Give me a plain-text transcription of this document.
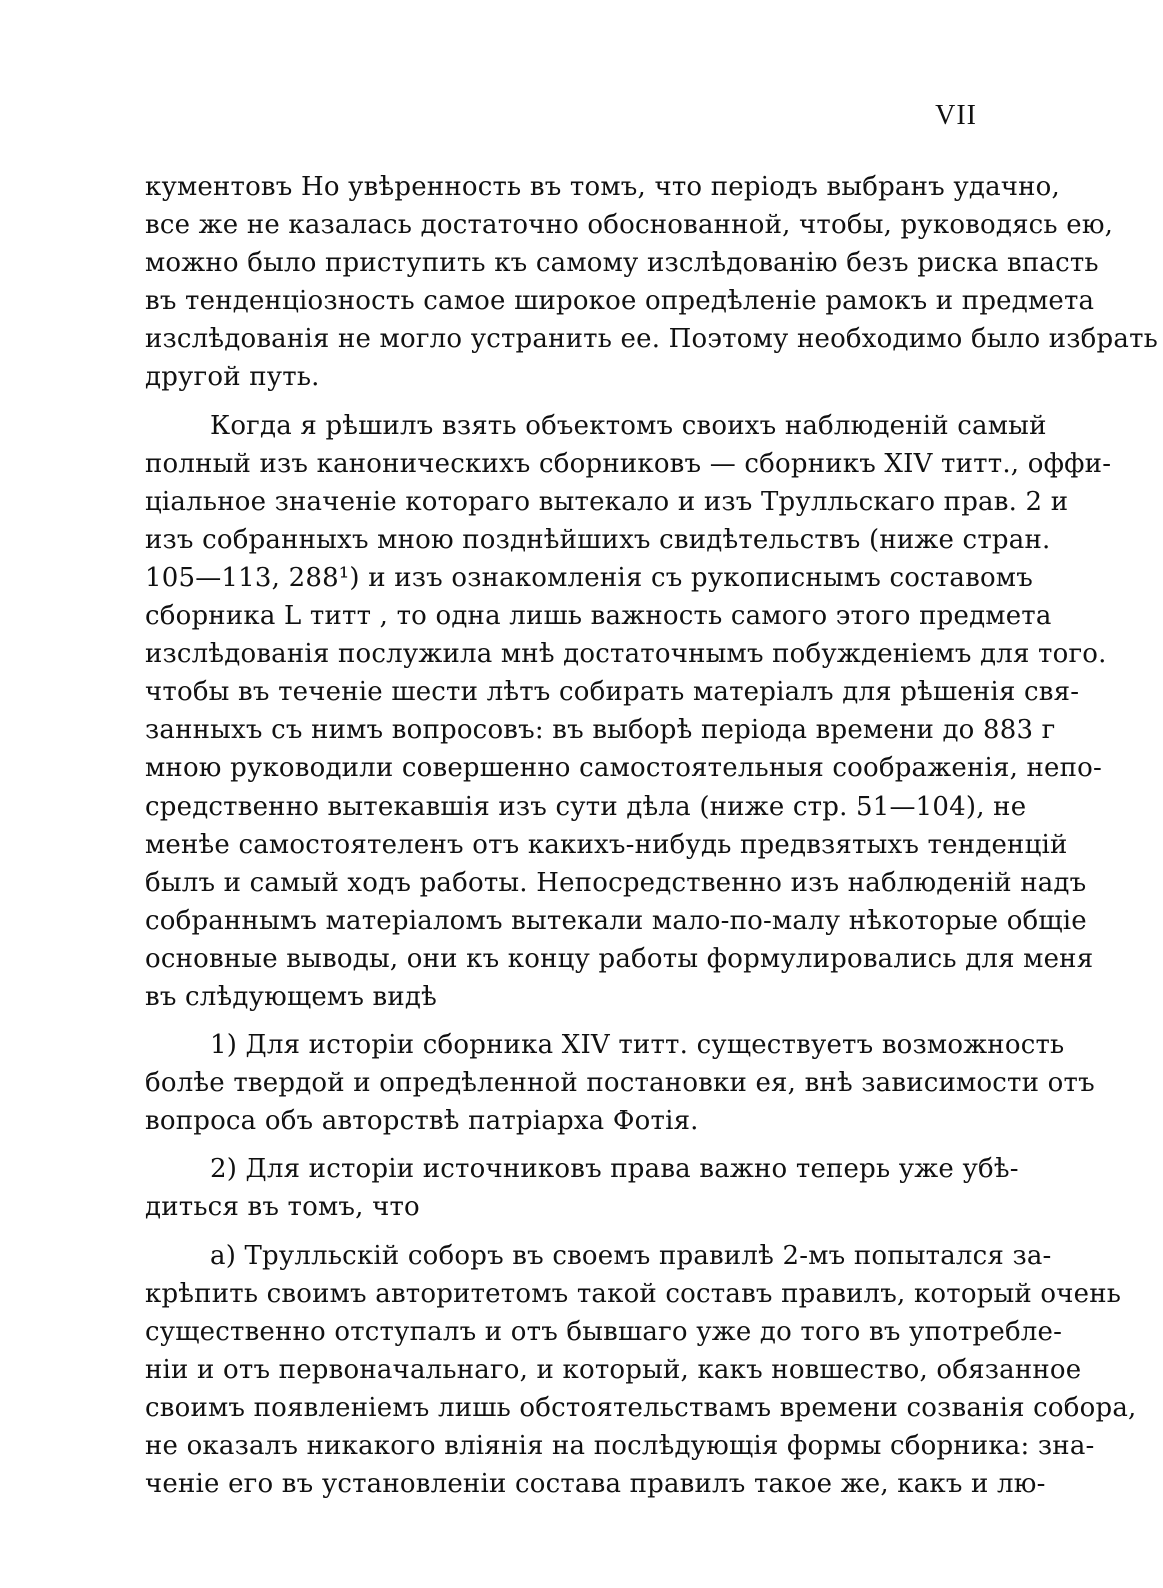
VII
кументовъ Но увѣренность въ томъ, что перiодъ выбранъ удачно,
все же не казалась достаточно обоснованной, чтобы, руководясь ею,
можно было приступить къ самому изслѣдованiю безъ риска впасть
въ тенденцiозность самое широкое опредѣленiе рамокъ и предмета
изслѣдованiя не могло устранить ее. Поэтому необходимо было избрать
другой путь.
Когда я рѣшилъ взять объектомъ своихъ наблюденiй самый
полный изъ каноническихъ сборниковъ — сборникъ XIV титт., оффи-
цiальное значенiе котораго вытекало и изъ Трулльскаго прав. 2 и
изъ собранныхъ мною позднѣйшихъ свидѣтельствъ (ниже стран.
105—113, 288¹) и изъ ознакомленiя съ рукописнымъ составомъ
сборника L титт , то одна лишь важность самого этого предмета
изслѣдованiя послужила мнѣ достаточнымъ побужденiемъ для того.
чтобы въ теченiе шести лѣтъ собирать матерiалъ для рѣшенiя свя-
занныхъ съ нимъ вопросовъ: въ выборѣ перiода времени до 883 г
мною руководили совершенно самостоятельныя соображенiя, непо-
средственно вытекавшiя изъ сути дѣла (ниже стр. 51—104), не
менѣе самостоятеленъ отъ какихъ-нибудь предвзятыхъ тенденцiй
былъ и самый ходъ работы. Непосредственно изъ наблюденiй надъ
собраннымъ матерiаломъ вытекали мало-по-малу нѣкоторые общiе
основные выводы, они къ концу работы формулировались для меня
въ слѣдующемъ видѣ
1) Для исторiи сборника XIV титт. существуетъ возможность
болѣе твердой и опредѣленной постановки ея, внѣ зависимости отъ
вопроса объ авторствѣ патрiарха Фотiя.
2) Для исторiи источниковъ права важно теперь уже убѣ-
диться въ томъ, что
а) Трулльскiй соборъ въ своемъ правилѣ 2-мъ попытался за-
крѣпить своимъ авторитетомъ такой составъ правилъ, который очень
существенно отступалъ и отъ бывшаго уже до того въ употребле-
нiи и отъ первоначальнаго, и который, какъ новшество, обязанное
своимъ появленiемъ лишь обстоятельствамъ времени созванiя собора,
не оказалъ никакого влiянiя на послѣдующiя формы сборника: зна-
ченiе его въ установленiи состава правилъ такое же, какъ и лю-
